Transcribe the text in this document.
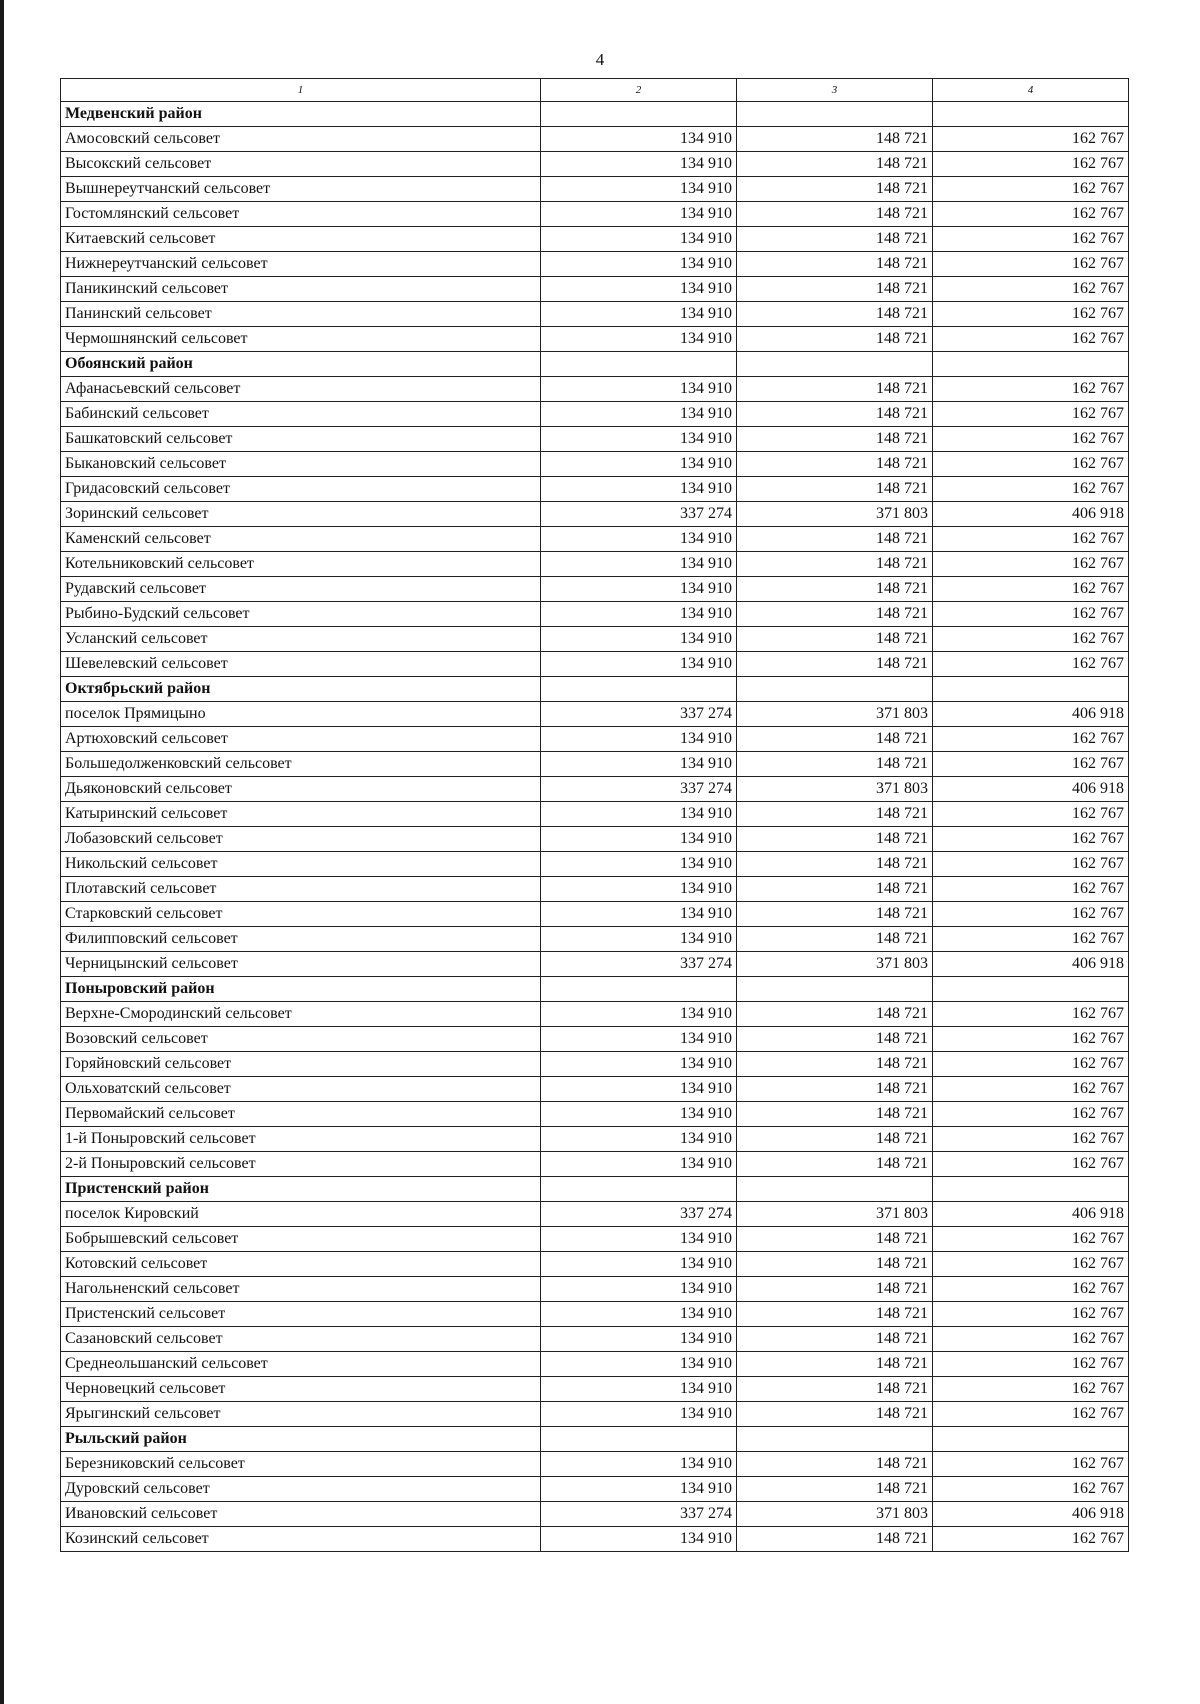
4
1	2	3	4
Медвенский район			
Амосовский сельсовет	134 910	148 721	162 767
Высокский сельсовет	134 910	148 721	162 767
Вышнереутчанский сельсовет	134 910	148 721	162 767
Гостомлянский сельсовет	134 910	148 721	162 767
Китаевский сельсовет	134 910	148 721	162 767
Нижнереутчанский сельсовет	134 910	148 721	162 767
Паникинский сельсовет	134 910	148 721	162 767
Панинский сельсовет	134 910	148 721	162 767
Чермошнянский сельсовет	134 910	148 721	162 767
Обоянский район			
Афанасьевский сельсовет	134 910	148 721	162 767
Бабинский сельсовет	134 910	148 721	162 767
Башкатовский сельсовет	134 910	148 721	162 767
Быкановский сельсовет	134 910	148 721	162 767
Гридасовский сельсовет	134 910	148 721	162 767
Зоринский сельсовет	337 274	371 803	406 918
Каменский сельсовет	134 910	148 721	162 767
Котельниковский сельсовет	134 910	148 721	162 767
Рудавский сельсовет	134 910	148 721	162 767
Рыбино-Будский сельсовет	134 910	148 721	162 767
Усланский сельсовет	134 910	148 721	162 767
Шевелевский сельсовет	134 910	148 721	162 767
Октябрьский район			
поселок Прямицыно	337 274	371 803	406 918
Артюховский сельсовет	134 910	148 721	162 767
Большедолженковский сельсовет	134 910	148 721	162 767
Дьяконовский сельсовет	337 274	371 803	406 918
Катыринский сельсовет	134 910	148 721	162 767
Лобазовский сельсовет	134 910	148 721	162 767
Никольский сельсовет	134 910	148 721	162 767
Плотавский сельсовет	134 910	148 721	162 767
Старковский сельсовет	134 910	148 721	162 767
Филипповский сельсовет	134 910	148 721	162 767
Черницынский сельсовет	337 274	371 803	406 918
Поныровский район			
Верхне-Смородинский сельсовет	134 910	148 721	162 767
Возовский сельсовет	134 910	148 721	162 767
Горяйновский сельсовет	134 910	148 721	162 767
Ольховатский сельсовет	134 910	148 721	162 767
Первомайский сельсовет	134 910	148 721	162 767
1-й Поныровский сельсовет	134 910	148 721	162 767
2-й Поныровский сельсовет	134 910	148 721	162 767
Пристенский район			
поселок Кировский	337 274	371 803	406 918
Бобрышевский сельсовет	134 910	148 721	162 767
Котовский сельсовет	134 910	148 721	162 767
Нагольненский сельсовет	134 910	148 721	162 767
Пристенский сельсовет	134 910	148 721	162 767
Сазановский сельсовет	134 910	148 721	162 767
Среднеольшанский сельсовет	134 910	148 721	162 767
Черновецкий сельсовет	134 910	148 721	162 767
Ярыгинский сельсовет	134 910	148 721	162 767
Рыльский район			
Березниковский сельсовет	134 910	148 721	162 767
Дуровский сельсовет	134 910	148 721	162 767
Ивановский сельсовет	337 274	371 803	406 918
Козинский сельсовет	134 910	148 721	162 767
